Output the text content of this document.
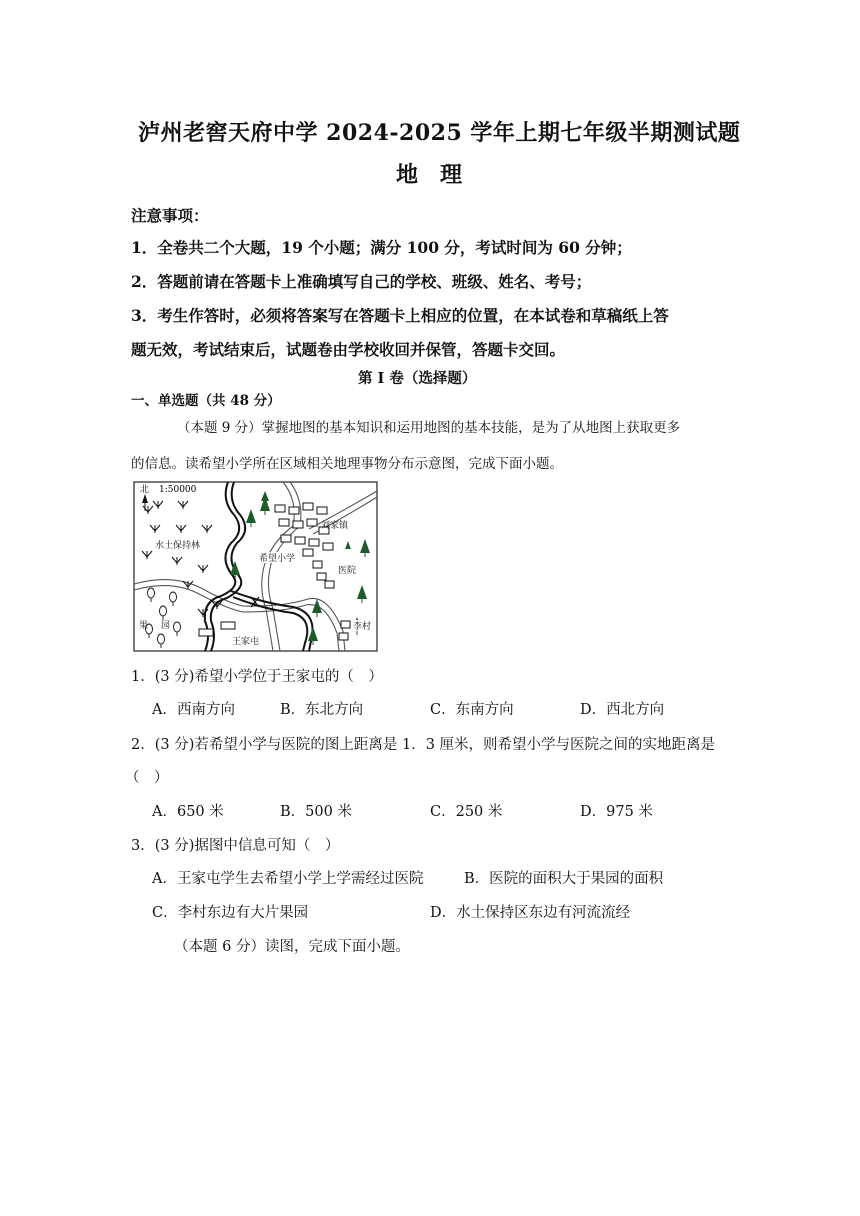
泸州老窖天府中学 2024-2025 学年上期七年级半期测试题
地　理
注意事项：
1．全卷共二个大题，19 个小题；满分 100 分，考试时间为 60 分钟；
2．答题前请在答题卡上准确填写自己的学校、班级、姓名、考号；
3．考生作答时，必须将答案写在答题卡上相应的位置，在本试卷和草稿纸上答
题无效，考试结束后，试题卷由学校收回并保管，答题卡交回。
第 I 卷（选择题）
一、单选题（共 48 分）
（本题 9 分）掌握地图的基本知识和运用地图的基本技能，是为了从地图上获取更多
的信息。读希望小学所在区域相关地理事物分布示意图，完成下面小题。
北 1:50000
刘家镇
水土保持林
希望小学
医院
果 园
王家屯
李村
1．(3 分)希望小学位于王家屯的（　）
A．西南方向	B．东北方向	C．东南方向	D．西北方向
2．(3 分)若希望小学与医院的图上距离是 1．3 厘米，则希望小学与医院之间的实地距离是
（　）
A．650 米	B．500 米	C．250 米	D．975 米
3．(3 分)据图中信息可知（　）
A．王家屯学生去希望小学上学需经过医院	B．医院的面积大于果园的面积
C．李村东边有大片果园	D．水土保持区东边有河流流经
（本题 6 分）读图，完成下面小题。
